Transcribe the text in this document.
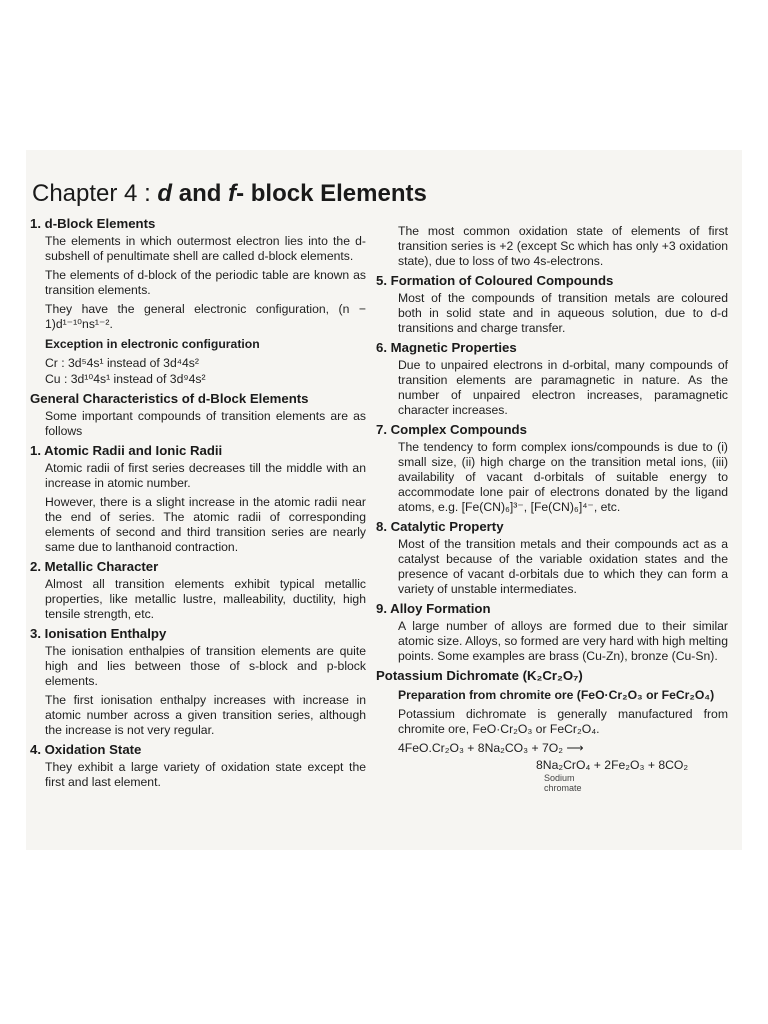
Chapter 4 : d and f- block Elements
1. d-Block Elements

The elements in which outermost electron lies into the d-subshell of penultimate shell are called d-block elements.

The elements of d-block of the periodic table are known as transition elements.

They have the general electronic configuration, (n − 1)d¹⁻¹⁰ns¹⁻².

Exception in electronic configuration

Cr : 3d⁵4s¹ instead of 3d⁴4s²

Cu : 3d¹⁰4s¹ instead of 3d⁹4s²

General Characteristics of d-Block Elements

Some important compounds of transition elements are as follows

1. Atomic Radii and Ionic Radii

Atomic radii of first series decreases till the middle with an increase in atomic number.

However, there is a slight increase in the atomic radii near the end of series. The atomic radii of corresponding elements of second and third transition series are nearly same due to lanthanoid contraction.

2. Metallic Character

Almost all transition elements exhibit typical metallic properties, like metallic lustre, malleability, ductility, high tensile strength, etc.

3. Ionisation Enthalpy

The ionisation enthalpies of transition elements are quite high and lies between those of s-block and p-block elements.

The first ionisation enthalpy increases with increase in atomic number across a given transition series, although the increase is not very regular.

4. Oxidation State

They exhibit a large variety of oxidation state except the first and last element.

The most common oxidation state of elements of first transition series is +2 (except Sc which has only +3 oxidation state), due to loss of two 4s-electrons.

5. Formation of Coloured Compounds

Most of the compounds of transition metals are coloured both in solid state and in aqueous solution, due to d-d transitions and charge transfer.

6. Magnetic Properties

Due to unpaired electrons in d-orbital, many compounds of transition elements are paramagnetic in nature. As the number of unpaired electron increases, paramagnetic character increases.

7. Complex Compounds

The tendency to form complex ions/compounds is due to (i) small size, (ii) high charge on the transition metal ions, (iii) availability of vacant d-orbitals of suitable energy to accommodate lone pair of electrons donated by the ligand atoms, e.g. [Fe(CN)₆]³⁻, [Fe(CN)₆]⁴⁻, etc.

8. Catalytic Property

Most of the transition metals and their compounds act as a catalyst because of the variable oxidation states and the presence of vacant d-orbitals due to which they can form a variety of unstable intermediates.

9. Alloy Formation

A large number of alloys are formed due to their similar atomic size. Alloys, so formed are very hard with high melting points. Some examples are brass (Cu-Zn), bronze (Cu-Sn).

Potassium Dichromate (K₂Cr₂O₇)

Preparation from chromite ore (FeO·Cr₂O₃ or FeCr₂O₄)

Potassium dichromate is generally manufactured from chromite ore, FeO·Cr₂O₃ or FeCr₂O₄.

4FeO.Cr₂O₃ + 8Na₂CO₃ + 7O₂ ⟶
8Na₂CrO₄ + 2Fe₂O₃ + 8CO₂
Sodium
chromate
